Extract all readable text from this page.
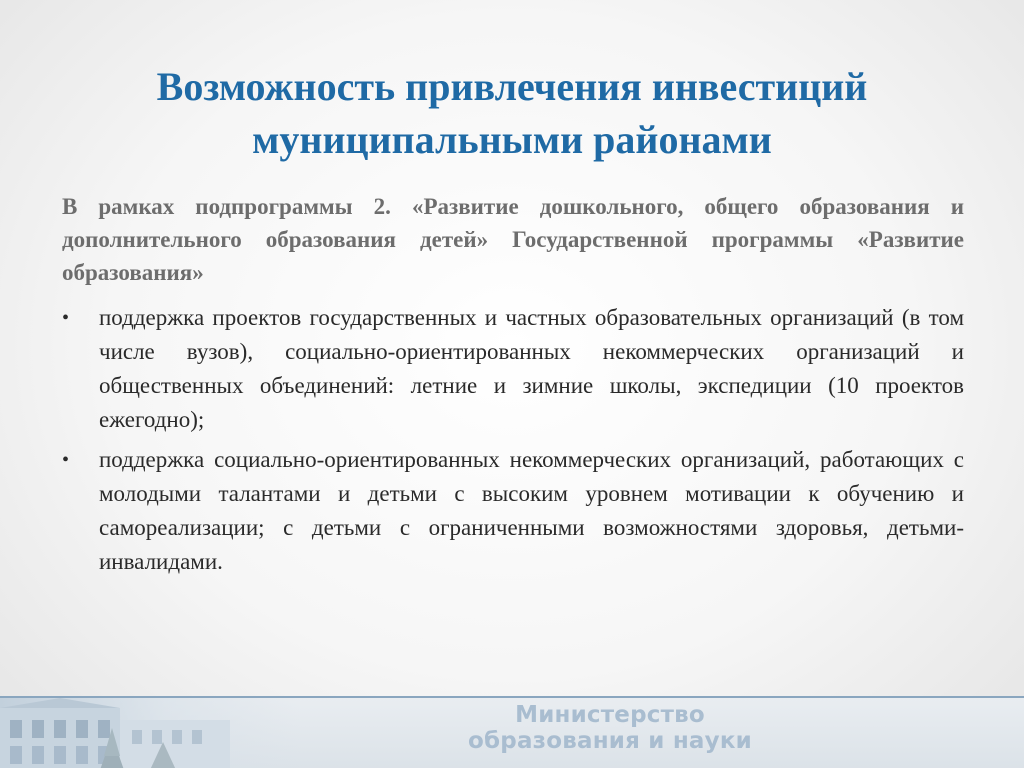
Возможность привлечения инвестиций муниципальными районами

В рамках подпрограммы 2. «Развитие дошкольного, общего образования и дополнительного образования детей» Государственной программы «Развитие образования»

• поддержка проектов государственных и частных образовательных организаций (в том числе вузов), социально-ориентированных некоммерческих организаций и общественных объединений: летние и зимние школы, экспедиции (10 проектов ежегодно);
• поддержка социально-ориентированных некоммерческих организаций, работающих с молодыми талантами и детьми с высоким уровнем мотивации к обучению и самореализации; с детьми с ограниченными возможностями здоровья, детьми-инвалидами.
Министерство
образования и науки
